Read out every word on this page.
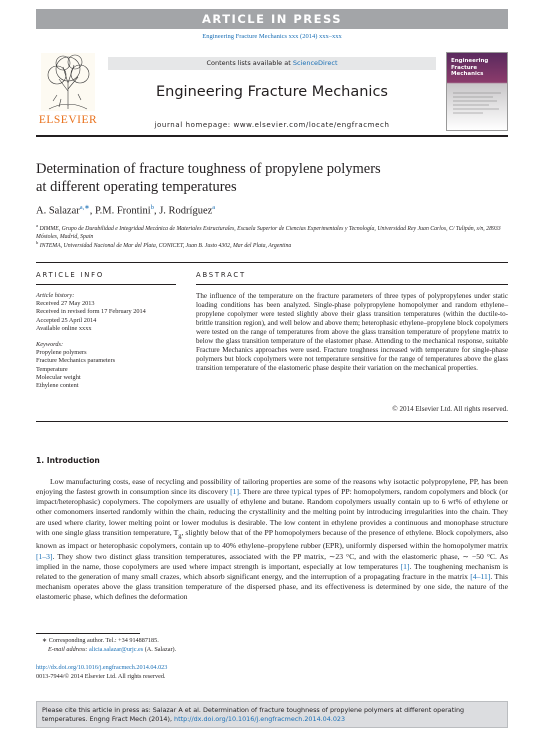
ARTICLE IN PRESS
Engineering Fracture Mechanics xxx (2014) xxx–xxx
ELSEVIER
Contents lists available at ScienceDirect
Engineering Fracture Mechanics
journal homepage: www.elsevier.com/locate/engfracmech
Engineering Fracture Mechanics
Determination of fracture toughness of propylene polymers
at different operating temperatures
A. Salazar$^{a,∗}$, P.M. Frontini$^b$, J. Rodríguez$^a$
$^a$ DIMME, Grupo de Durabilidad e Integridad Mecánica de Materiales Estructurales, Escuela Superior de Ciencias Experimentales y Tecnología, Universidad Rey Juan Carlos, C/ Tulipán, s/n, 28933 Móstoles, Madrid, Spain
$^b$ INTEMA, Universidad Nacional de Mar del Plata, CONICET, Juan B. Justo 4302, Mar del Plata, Argentina
ARTICLE INFO	ABSTRACT
Article history:
Received 27 May 2013
Received in revised form 17 February 2014
Accepted 25 April 2014
Available online xxxx
Keywords:
Propylene polymers
Fracture Mechanics parameters
Temperature
Molecular weight
Ethylene content
The influence of the temperature on the fracture parameters of three types of polypropylenes under static loading conditions has been analyzed. Single-phase polypropylene homopolymer and random ethylene–propylene copolymer were tested slightly above their glass transition temperatures (within the ductile-to-brittle transition region), and well below and above them; heterophasic ethylene–propylene block copolymers were tested on the range of temperatures from above the glass transition temperature of propylene matrix to below the glass transition temperature of the elastomer phase. Attending to the mechanical response, suitable Fracture Mechanics approaches were used. Fracture toughness increased with temperature for single-phase polymers but block copolymers were not temperature sensitive for the range of temperatures above the glass transition temperature of the elastomeric phase despite their variation on the mechanical properties.
© 2014 Elsevier Ltd. All rights reserved.
1. Introduction
Low manufacturing costs, ease of recycling and possibility of tailoring properties are some of the reasons why isotactic polypropylene, PP, has been enjoying the fastest growth in consumption since its discovery [1]. There are three typical types of PP: homopolymers, random copolymers and block (or impact/heterophasic) copolymers. The copolymers are usually of ethylene and butane. Random copolymers usually contain up to 6 wt% of ethylene or other comonomers inserted randomly within the chain, reducing the crystallinity and the melting point by introducing irregularities into the chain. They are used where clarity, lower melting point or lower modulus is desirable. The low content in ethylene provides a continuous and monophase structure with one single glass transition temperature, $T_g$, slightly below that of the PP homopolymers because of the presence of ethylene. Block copolymers, also known as impact or heterophasic copolymers, contain up to 40% ethylene–propylene rubber (EPR), uniformly dispersed within the homopolymer matrix [1–3]. They show two distinct glass transition temperatures, associated with the PP matrix, ∼23 °C, and with the elastomeric phase, ∼ −50 °C. As implied in the name, those copolymers are used where impact strength is important, especially at low temperatures [1]. The toughening mechanism is related to the generation of many small crazes, which absorb significant energy, and the interruption of a propagating fracture in the matrix [4–11]. This mechanism operates above the glass transition temperature of the dispersed phase, and its effectiveness is determined by one side, the nature of the elastomeric phase, which defines the deformation
∗ Corresponding author. Tel.: +34 914887185.
E-mail address: alicia.salazar@urjc.es (A. Salazar).
http://dx.doi.org/10.1016/j.engfracmech.2014.04.023
0013-7944/© 2014 Elsevier Ltd. All rights reserved.
Please cite this article in press as: Salazar A et al. Determination of fracture toughness of propylene polymers at different operating temperatures. Engng Fract Mech (2014), http://dx.doi.org/10.1016/j.engfracmech.2014.04.023
